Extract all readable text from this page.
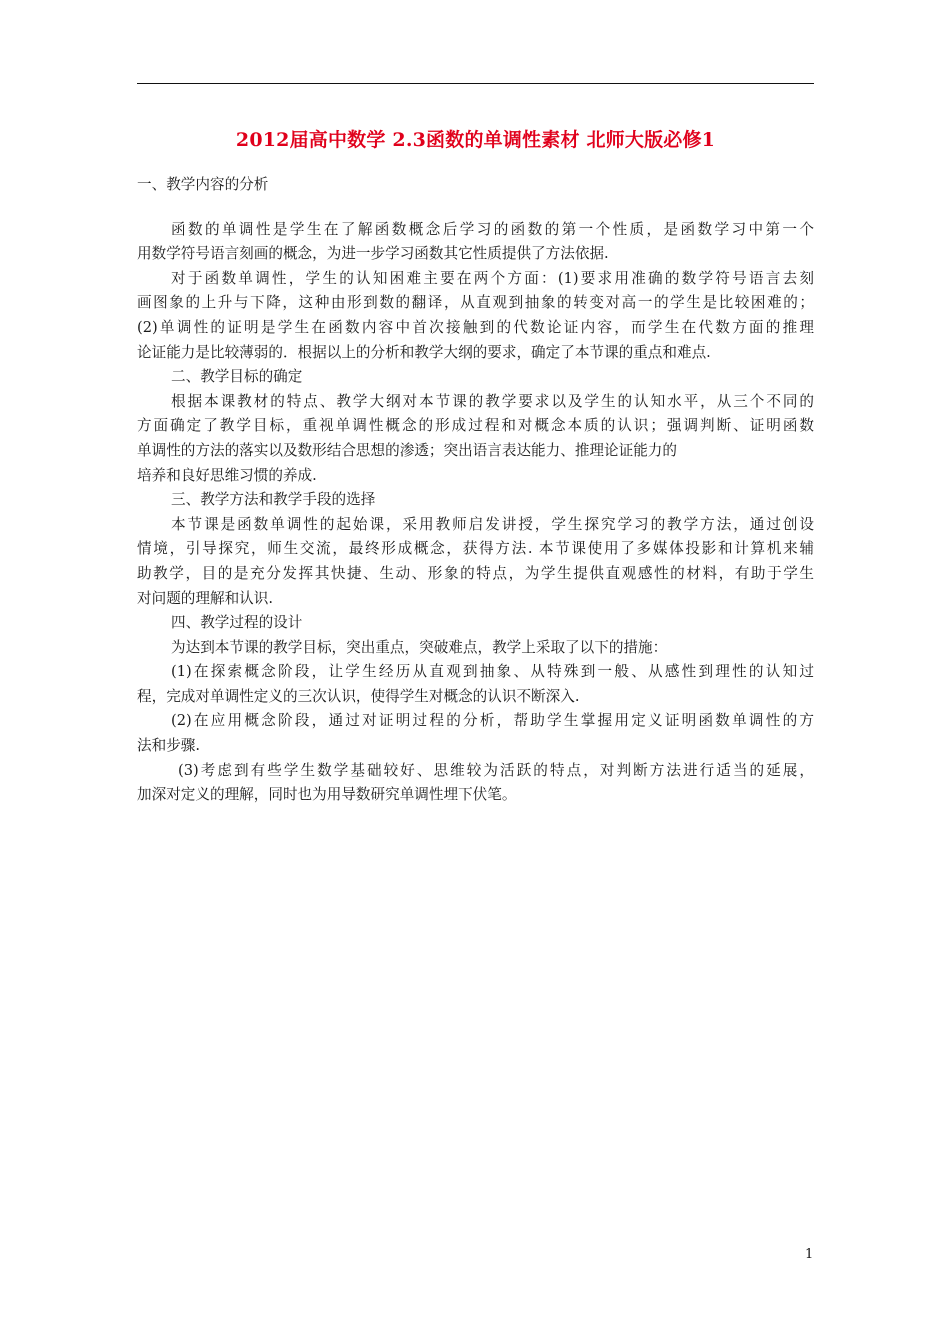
2012届高中数学 2.3函数的单调性素材 北师大版必修1
一、教学内容的分析
函数的单调性是学生在了解函数概念后学习的函数的第一个性质，是函数学习中第一个
用数学符号语言刻画的概念，为进一步学习函数其它性质提供了方法依据.
对于函数单调性，学生的认知困难主要在两个方面：(1)要求用准确的数学符号语言去刻
画图象的上升与下降，这种由形到数的翻译，从直观到抽象的转变对高一的学生是比较困难的；
(2)单调性的证明是学生在函数内容中首次接触到的代数论证内容，而学生在代数方面的推理
论证能力是比较薄弱的．根据以上的分析和教学大纲的要求，确定了本节课的重点和难点.
二、教学目标的确定
根据本课教材的特点、教学大纲对本节课的教学要求以及学生的认知水平，从三个不同的
方面确定了教学目标，重视单调性概念的形成过程和对概念本质的认识；强调判断、证明函数
单调性的方法的落实以及数形结合思想的渗透；突出语言表达能力、推理论证能力的
培养和良好思维习惯的养成.
三、教学方法和教学手段的选择
本节课是函数单调性的起始课，采用教师启发讲授，学生探究学习的教学方法，通过创设
情境，引导探究，师生交流，最终形成概念，获得方法. 本节课使用了多媒体投影和计算机来辅
助教学，目的是充分发挥其快捷、生动、形象的特点，为学生提供直观感性的材料，有助于学生
对问题的理解和认识.
四、教学过程的设计
为达到本节课的教学目标，突出重点，突破难点，教学上采取了以下的措施：
(1)在探索概念阶段，让学生经历从直观到抽象、从特殊到一般、从感性到理性的认知过
程，完成对单调性定义的三次认识，使得学生对概念的认识不断深入.
(2)在应用概念阶段，通过对证明过程的分析，帮助学生掌握用定义证明函数单调性的方
法和步骤.
(3)考虑到有些学生数学基础较好、思维较为活跃的特点，对判断方法进行适当的延展，
加深对定义的理解，同时也为用导数研究单调性埋下伏笔。
1
